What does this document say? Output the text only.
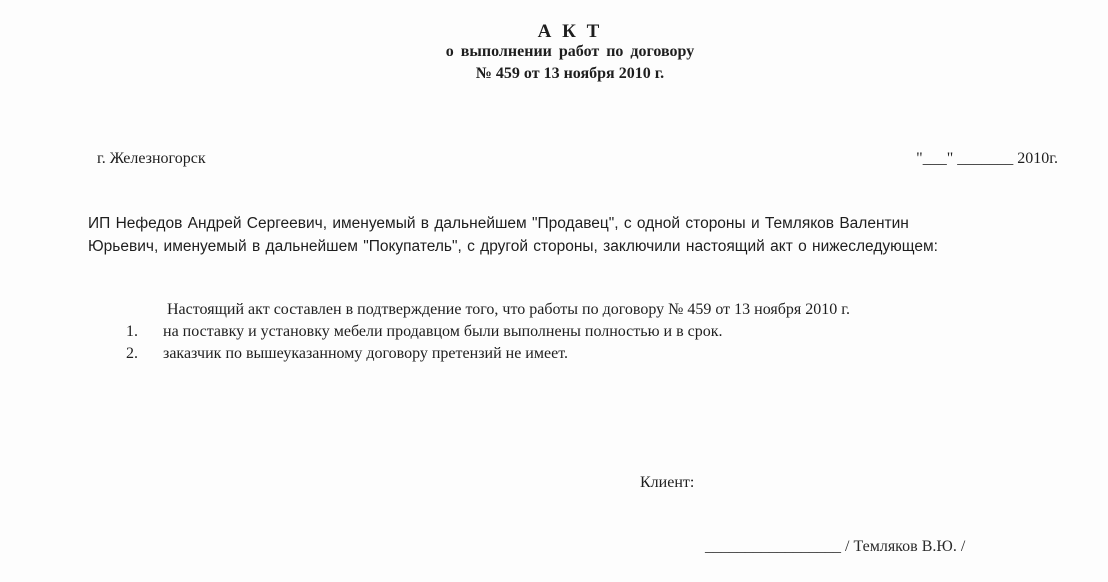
А К Т
о выполнении работ по договору
№ 459 от 13 ноября 2010 г.
г. Железногорск	"___" _______ 2010г.
ИП Нефедов Андрей Сергеевич, именуемый в дальнейшем "Продавец", с одной стороны и Темляков Валентин
Юрьевич, именуемый в дальнейшем "Покупатель", с другой стороны, заключили настоящий акт о нижеследующем:
Настоящий акт составлен в подтверждение того, что работы по договору № 459 от 13 ноября 2010 г.
1. на поставку и установку мебели продавцом были выполнены полностью и в срок.
2. заказчик по вышеуказанному договору претензий не имеет.
Клиент:
_________________ / Темляков В.Ю. /
